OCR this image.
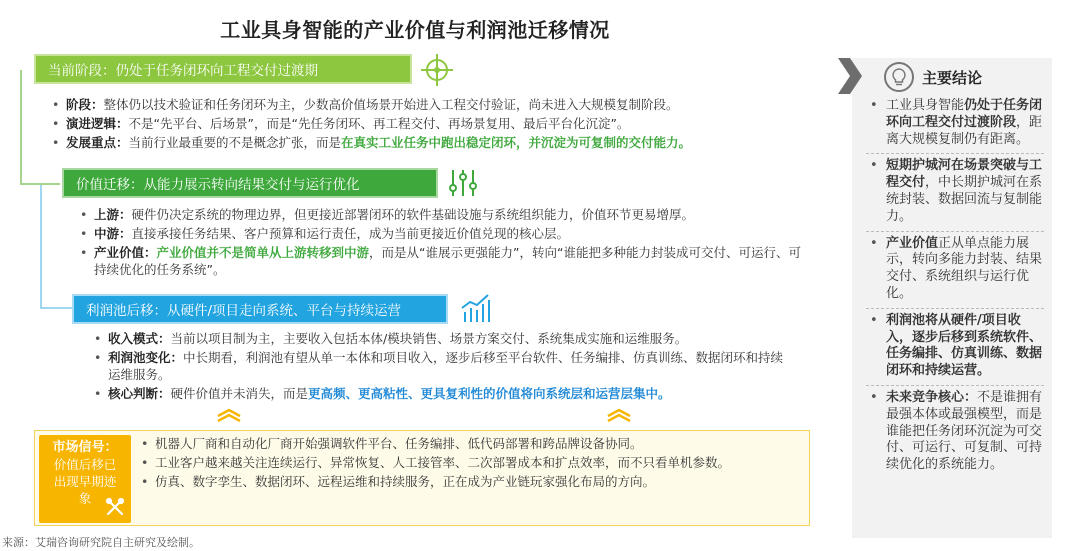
工业具身智能的产业价值与利润池迁移情况
当前阶段：仍处于任务闭环向工程交付过渡期
• 阶段：整体仍以技术验证和任务闭环为主，少数高价值场景开始进入工程交付验证，尚未进入大规模复制阶段。
• 演进逻辑：不是“先平台、后场景”，而是“先任务闭环、再工程交付、再场景复用、最后平台化沉淀”。
• 发展重点：当前行业最重要的不是概念扩张，而是在真实工业任务中跑出稳定闭环，并沉淀为可复制的交付能力。
价值迁移：从能力展示转向结果交付与运行优化
• 上游：硬件仍决定系统的物理边界，但更接近部署闭环的软件基础设施与系统组织能力，价值环节更易增厚。
• 中游：直接承接任务结果、客户预算和运行责任，成为当前更接近价值兑现的核心层。
• 产业价值：产业价值并不是简单从上游转移到中游，而是从“谁展示更强能力”，转向“谁能把多种能力封装成可交付、可运行、可持续优化的任务系统”。
利润池后移：从硬件/项目走向系统、平台与持续运营
• 收入模式：当前以项目制为主，主要收入包括本体/模块销售、场景方案交付、系统集成实施和运维服务。
• 利润池变化：中长期看，利润池有望从单一本体和项目收入，逐步后移至平台软件、任务编排、仿真训练、数据闭环和持续运维服务。
• 核心判断：硬件价值并未消失，而是更高频、更高粘性、更具复利性的价值将向系统层和运营层集中。
市场信号：
价值后移已出现早期迹象
• 机器人厂商和自动化厂商开始强调软件平台、任务编排、低代码部署和跨品牌设备协同。
• 工业客户越来越关注连续运行、异常恢复、人工接管率、二次部署成本和扩点效率，而不只看单机参数。
• 仿真、数字孪生、数据闭环、远程运维和持续服务，正在成为产业链玩家强化布局的方向。
来源：艾瑞咨询研究院自主研究及绘制。
主要结论
• 工业具身智能仍处于任务闭环向工程交付过渡阶段，距离大规模复制仍有距离。
• 短期护城河在场景突破与工程交付，中长期护城河在系统封装、数据回流与复制能力。
• 产业价值正从单点能力展示，转向多能力封装、结果交付、系统组织与运行优化。
• 利润池将从硬件/项目收入，逐步后移到系统软件、任务编排、仿真训练、数据闭环和持续运营。
• 未来竞争核心：不是谁拥有最强本体或最强模型，而是谁能把任务闭环沉淀为可交付、可运行、可复制、可持续优化的系统能力。
